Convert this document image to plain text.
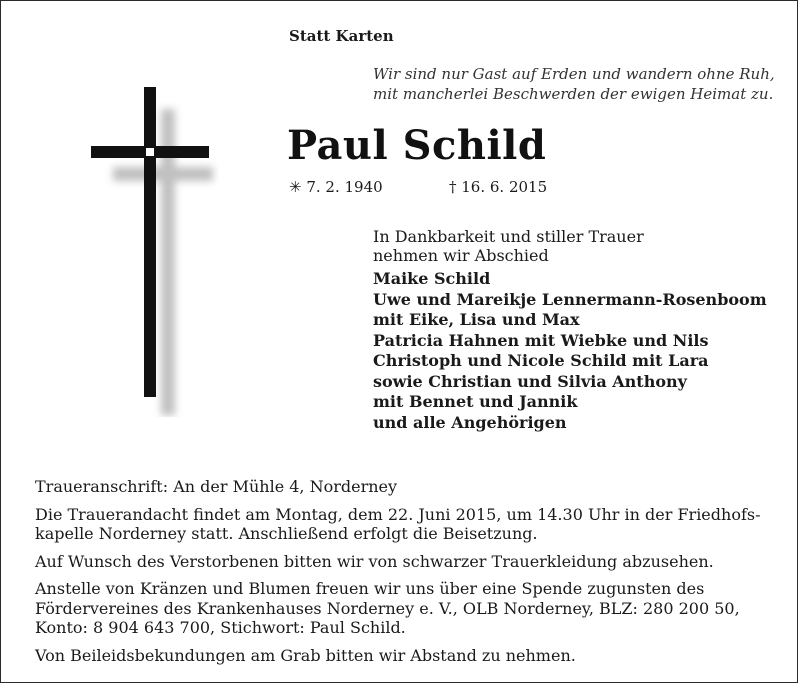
Statt Karten
Wir sind nur Gast auf Erden und wandern ohne Ruh,
mit mancherlei Beschwerden der ewigen Heimat zu.
Paul Schild
✳ 7. 2. 1940	† 16. 6. 2015
In Dankbarkeit und stiller Trauer
nehmen wir Abschied
Maike Schild
Uwe und Mareikje Lennermann-Rosenboom
mit Eike, Lisa und Max
Patricia Hahnen mit Wiebke und Nils
Christoph und Nicole Schild mit Lara
sowie Christian und Silvia Anthony
mit Bennet und Jannik
und alle Angehörigen

Traueranschrift: An der Mühle 4, Norderney

Die Trauerandacht findet am Montag, dem 22. Juni 2015, um 14.30 Uhr in der Friedhofs-
kapelle Norderney statt. Anschließend erfolgt die Beisetzung.

Auf Wunsch des Verstorbenen bitten wir von schwarzer Trauerkleidung abzusehen.

Anstelle von Kränzen und Blumen freuen wir uns über eine Spende zugunsten des
Fördervereines des Krankenhauses Norderney e. V., OLB Norderney, BLZ: 280 200 50,
Konto: 8 904 643 700, Stichwort: Paul Schild.

Von Beileidsbekundungen am Grab bitten wir Abstand zu nehmen.
